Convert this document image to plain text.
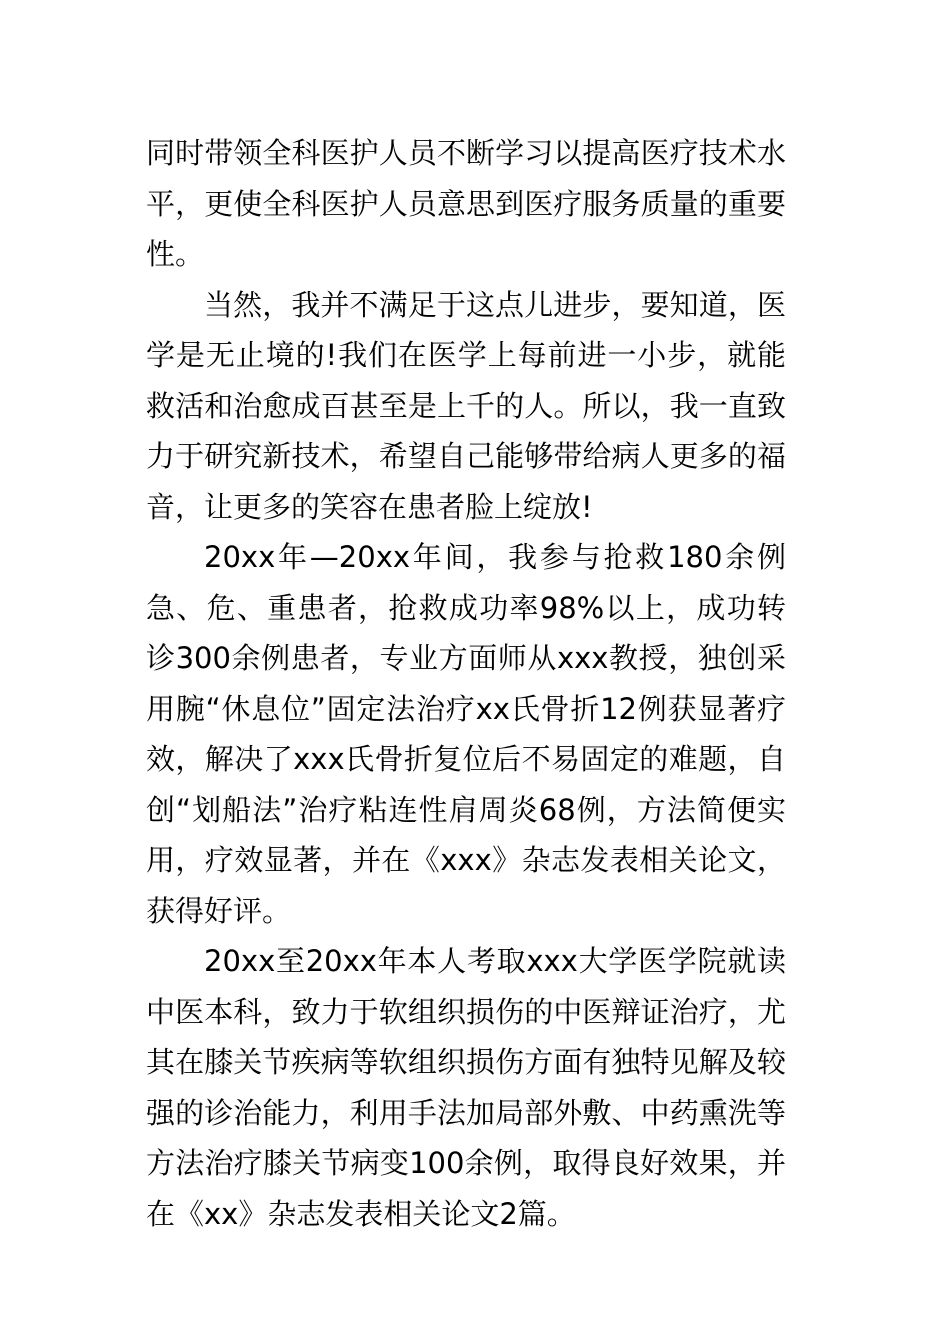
同时带领全科医护人员不断学习以提高医疗技术水平，更使全科医护人员意思到医疗服务质量的重要性。

当然，我并不满足于这点儿进步，要知道，医学是无止境的!我们在医学上每前进一小步，就能救活和治愈成百甚至是上千的人。所以，我一直致力于研究新技术，希望自己能够带给病人更多的福音，让更多的笑容在患者脸上绽放!

20xx年—20xx年间，我参与抢救180余例急、危、重患者，抢救成功率98%以上，成功转诊300余例患者，专业方面师从xxx教授，独创采用腕“休息位”固定法治疗xx氏骨折12例获显著疗效，解决了xxx氏骨折复位后不易固定的难题，自创“划船法”治疗粘连性肩周炎68例，方法简便实用，疗效显著，并在《xxx》杂志发表相关论文，获得好评。

20xx至20xx年本人考取xxx大学医学院就读中医本科，致力于软组织损伤的中医辩证治疗，尤其在膝关节疾病等软组织损伤方面有独特见解及较强的诊治能力，利用手法加局部外敷、中药熏洗等方法治疗膝关节病变100余例，取得良好效果，并在《xx》杂志发表相关论文2篇。
